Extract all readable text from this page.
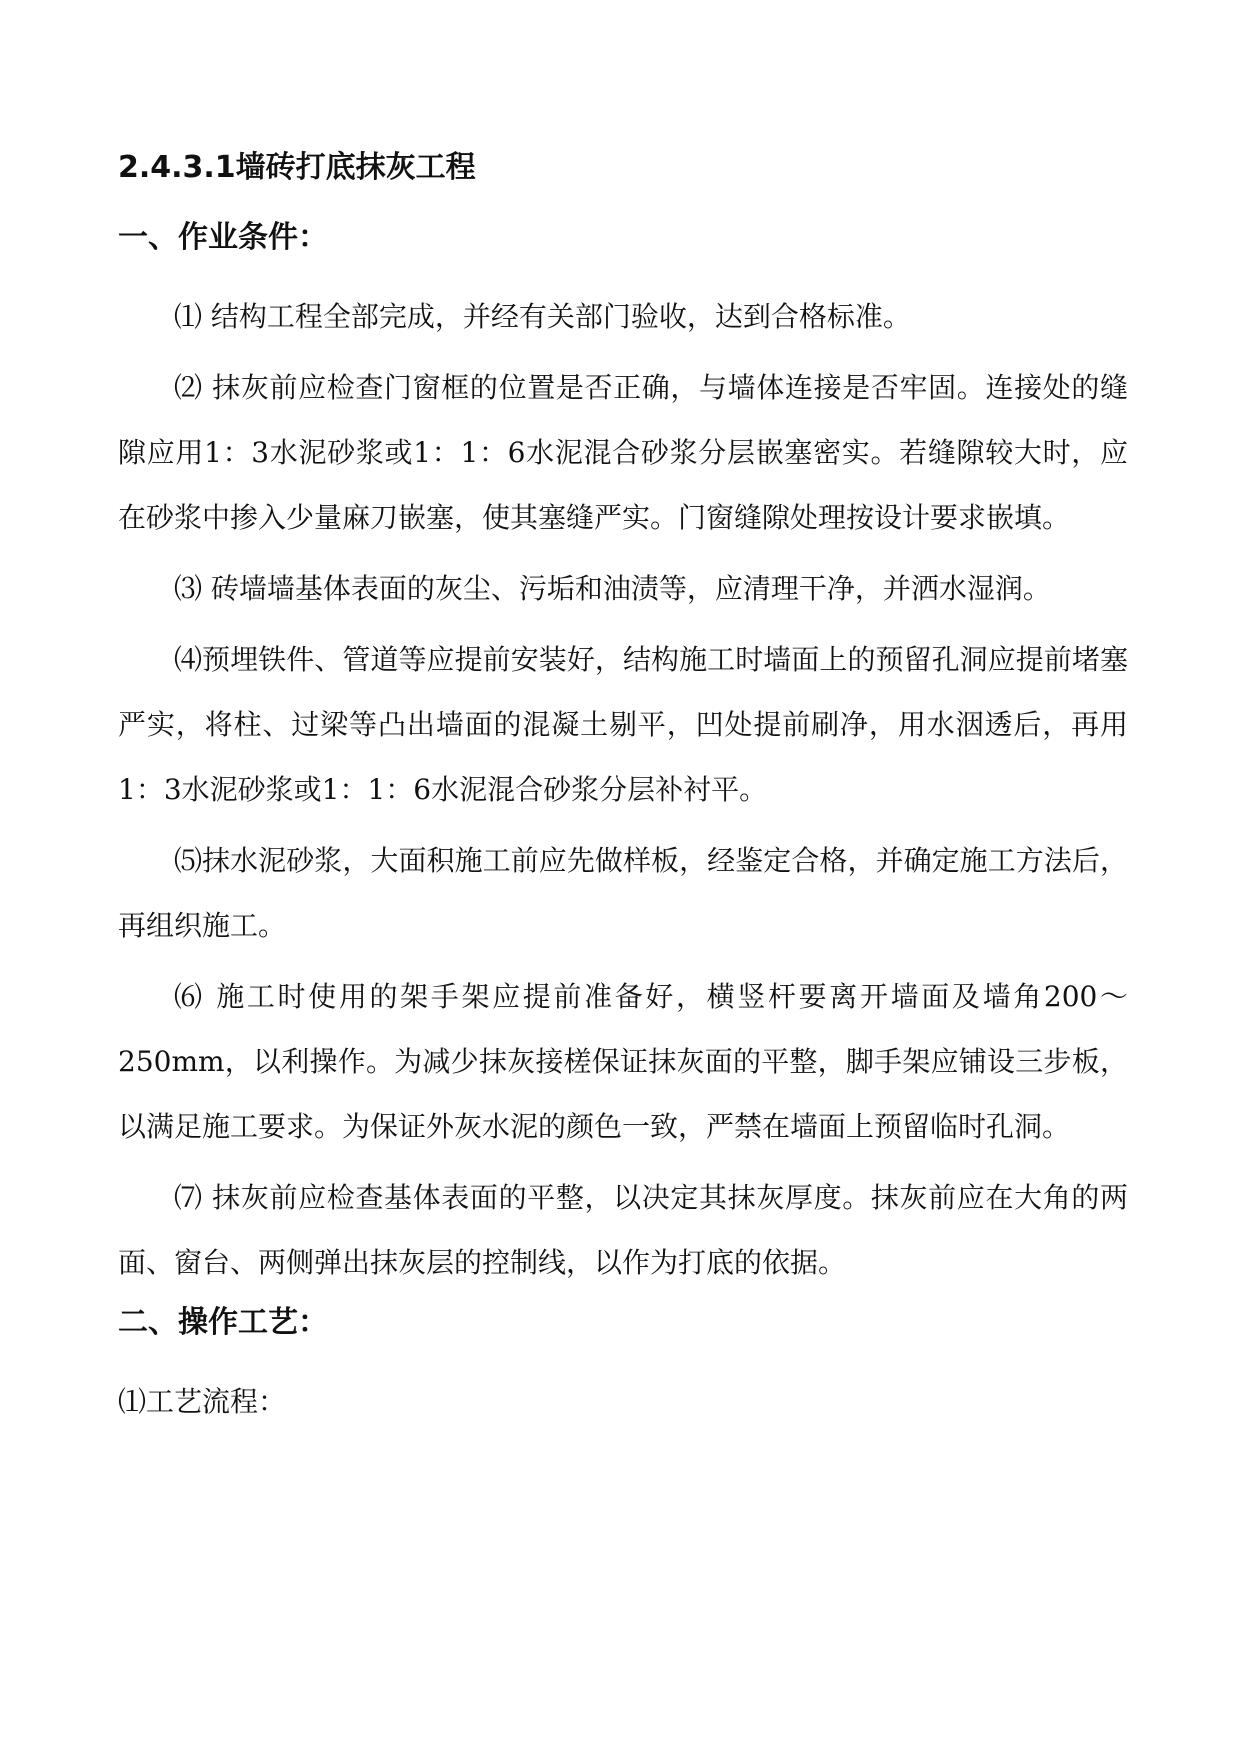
2.4.3.1墙砖打底抹灰工程
一、作业条件：

⑴ 结构工程全部完成，并经有关部门验收，达到合格标准。

⑵ 抹灰前应检查门窗框的位置是否正确，与墙体连接是否牢固。连接处的缝隙应用1：3水泥砂浆或1：1：6水泥混合砂浆分层嵌塞密实。若缝隙较大时，应在砂浆中掺入少量麻刀嵌塞，使其塞缝严实。门窗缝隙处理按设计要求嵌填。

⑶ 砖墙墙基体表面的灰尘、污垢和油渍等，应清理干净，并洒水湿润。

⑷预埋铁件、管道等应提前安装好，结构施工时墙面上的预留孔洞应提前堵塞严实，将柱、过梁等凸出墙面的混凝土剔平，凹处提前刷净，用水洇透后，再用1：3水泥砂浆或1：1：6水泥混合砂浆分层补衬平。

⑸抹水泥砂浆，大面积施工前应先做样板，经鉴定合格，并确定施工方法后，再组织施工。

⑹ 施工时使用的架手架应提前准备好，横竖杆要离开墙面及墙角200～250mm，以利操作。为减少抹灰接槎保证抹灰面的平整，脚手架应铺设三步板，以满足施工要求。为保证外灰水泥的颜色一致，严禁在墙面上预留临时孔洞。

⑺ 抹灰前应检查基体表面的平整，以决定其抹灰厚度。抹灰前应在大角的两面、窗台、两侧弹出抹灰层的控制线，以作为打底的依据。

二、操作工艺：

⑴工艺流程：
